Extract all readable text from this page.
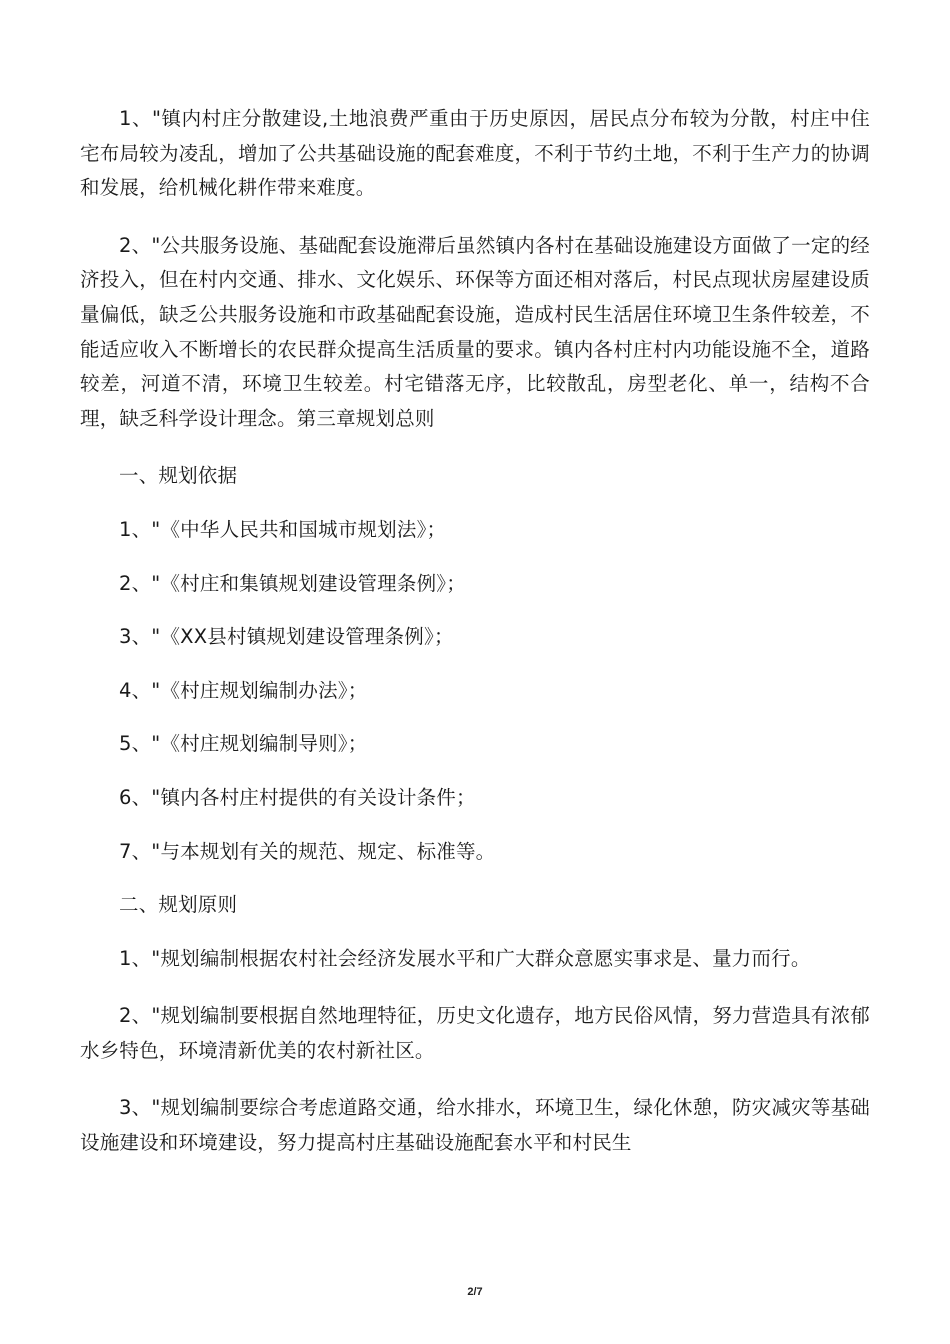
1、"镇内村庄分散建设,土地浪费严重由于历史原因，居民点分布较为分散，村庄中住宅布局较为凌乱，增加了公共基础设施的配套难度，不利于节约土地，不利于生产力的协调和发展，给机械化耕作带来难度。

2、"公共服务设施、基础配套设施滞后虽然镇内各村在基础设施建设方面做了一定的经济投入，但在村内交通、排水、文化娱乐、环保等方面还相对落后，村民点现状房屋建设质量偏低，缺乏公共服务设施和市政基础配套设施，造成村民生活居住环境卫生条件较差，不能适应收入不断增长的农民群众提高生活质量的要求。镇内各村庄村内功能设施不全，道路较差，河道不清，环境卫生较差。村宅错落无序，比较散乱，房型老化、单一，结构不合理，缺乏科学设计理念。第三章规划总则

一、规划依据

1、"《中华人民共和国城市规划法》；

2、"《村庄和集镇规划建设管理条例》；

3、"《XX县村镇规划建设管理条例》；

4、"《村庄规划编制办法》；

5、"《村庄规划编制导则》；

6、"镇内各村庄村提供的有关设计条件；

7、"与本规划有关的规范、规定、标准等。

二、规划原则

1、"规划编制根据农村社会经济发展水平和广大群众意愿实事求是、量力而行。

2、"规划编制要根据自然地理特征，历史文化遗存，地方民俗风情，努力营造具有浓郁水乡特色，环境清新优美的农村新社区。

3、"规划编制要综合考虑道路交通，给水排水，环境卫生，绿化休憩，防灾减灾等基础设施建设和环境建设，努力提高村庄基础设施配套水平和村民生

2/7
